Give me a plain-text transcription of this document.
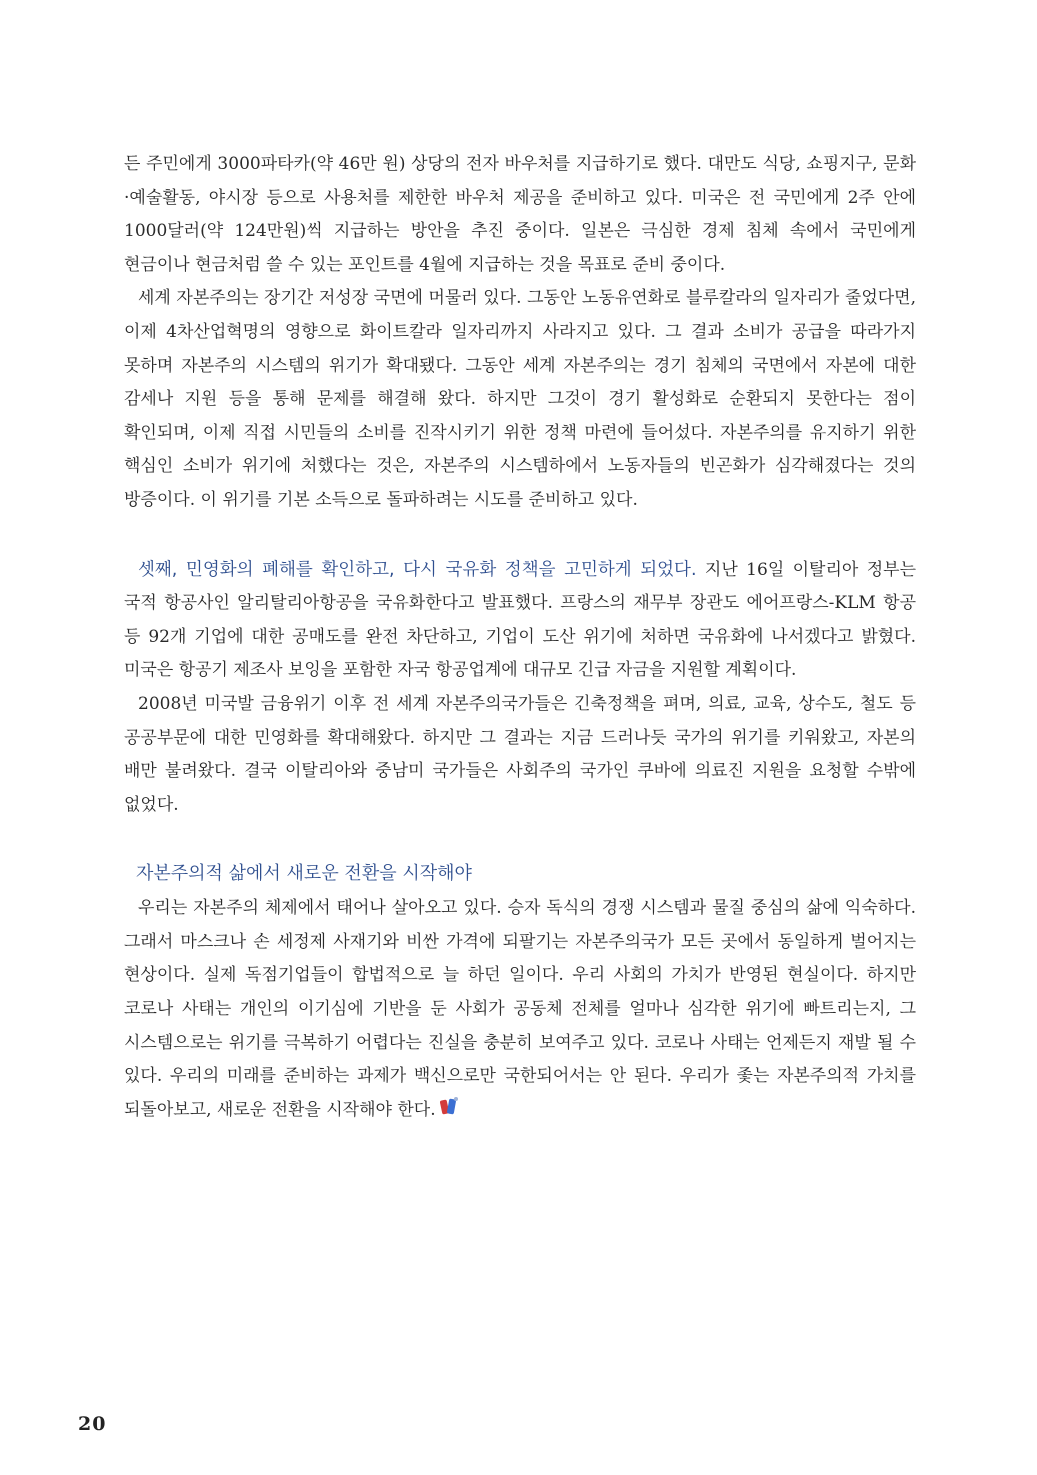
든 주민에게 3000파타카(약 46만 원) 상당의 전자 바우처를 지급하기로 했다. 대만도 식당, 쇼핑지구, 문화·예술활동, 야시장 등으로 사용처를 제한한 바우처 제공을 준비하고 있다. 미국은 전 국민에게 2주 안에 1000달러(약 124만원)씩 지급하는 방안을 추진 중이다. 일본은 극심한 경제 침체 속에서 국민에게 현금이나 현금처럼 쓸 수 있는 포인트를 4월에 지급하는 것을 목표로 준비 중이다.

세계 자본주의는 장기간 저성장 국면에 머물러 있다. 그동안 노동유연화로 블루칼라의 일자리가 줄었다면, 이제 4차산업혁명의 영향으로 화이트칼라 일자리까지 사라지고 있다. 그 결과 소비가 공급을 따라가지 못하며 자본주의 시스템의 위기가 확대됐다. 그동안 세계 자본주의는 경기 침체의 국면에서 자본에 대한 감세나 지원 등을 통해 문제를 해결해 왔다. 하지만 그것이 경기 활성화로 순환되지 못한다는 점이 확인되며, 이제 직접 시민들의 소비를 진작시키기 위한 정책 마련에 들어섰다. 자본주의를 유지하기 위한 핵심인 소비가 위기에 처했다는 것은, 자본주의 시스템하에서 노동자들의 빈곤화가 심각해졌다는 것의 방증이다. 이 위기를 기본 소득으로 돌파하려는 시도를 준비하고 있다.

셋째, 민영화의 폐해를 확인하고, 다시 국유화 정책을 고민하게 되었다. 지난 16일 이탈리아 정부는 국적 항공사인 알리탈리아항공을 국유화한다고 발표했다. 프랑스의 재무부 장관도 에어프랑스-KLM 항공 등 92개 기업에 대한 공매도를 완전 차단하고, 기업이 도산 위기에 처하면 국유화에 나서겠다고 밝혔다. 미국은 항공기 제조사 보잉을 포함한 자국 항공업계에 대규모 긴급 자금을 지원할 계획이다.

2008년 미국발 금융위기 이후 전 세계 자본주의국가들은 긴축정책을 펴며, 의료, 교육, 상수도, 철도 등 공공부문에 대한 민영화를 확대해왔다. 하지만 그 결과는 지금 드러나듯 국가의 위기를 키워왔고, 자본의 배만 불려왔다. 결국 이탈리아와 중남미 국가들은 사회주의 국가인 쿠바에 의료진 지원을 요청할 수밖에 없었다.

자본주의적 삶에서 새로운 전환을 시작해야

우리는 자본주의 체제에서 태어나 살아오고 있다. 승자 독식의 경쟁 시스템과 물질 중심의 삶에 익숙하다. 그래서 마스크나 손 세정제 사재기와 비싼 가격에 되팔기는 자본주의국가 모든 곳에서 동일하게 벌어지는 현상이다. 실제 독점기업들이 합법적으로 늘 하던 일이다. 우리 사회의 가치가 반영된 현실이다. 하지만 코로나 사태는 개인의 이기심에 기반을 둔 사회가 공동체 전체를 얼마나 심각한 위기에 빠트리는지, 그 시스템으로는 위기를 극복하기 어렵다는 진실을 충분히 보여주고 있다. 코로나 사태는 언제든지 재발 될 수 있다. 우리의 미래를 준비하는 과제가 백신으로만 국한되어서는 안 된다. 우리가 좇는 자본주의적 가치를 되돌아보고, 새로운 전환을 시작해야 한다.

20
